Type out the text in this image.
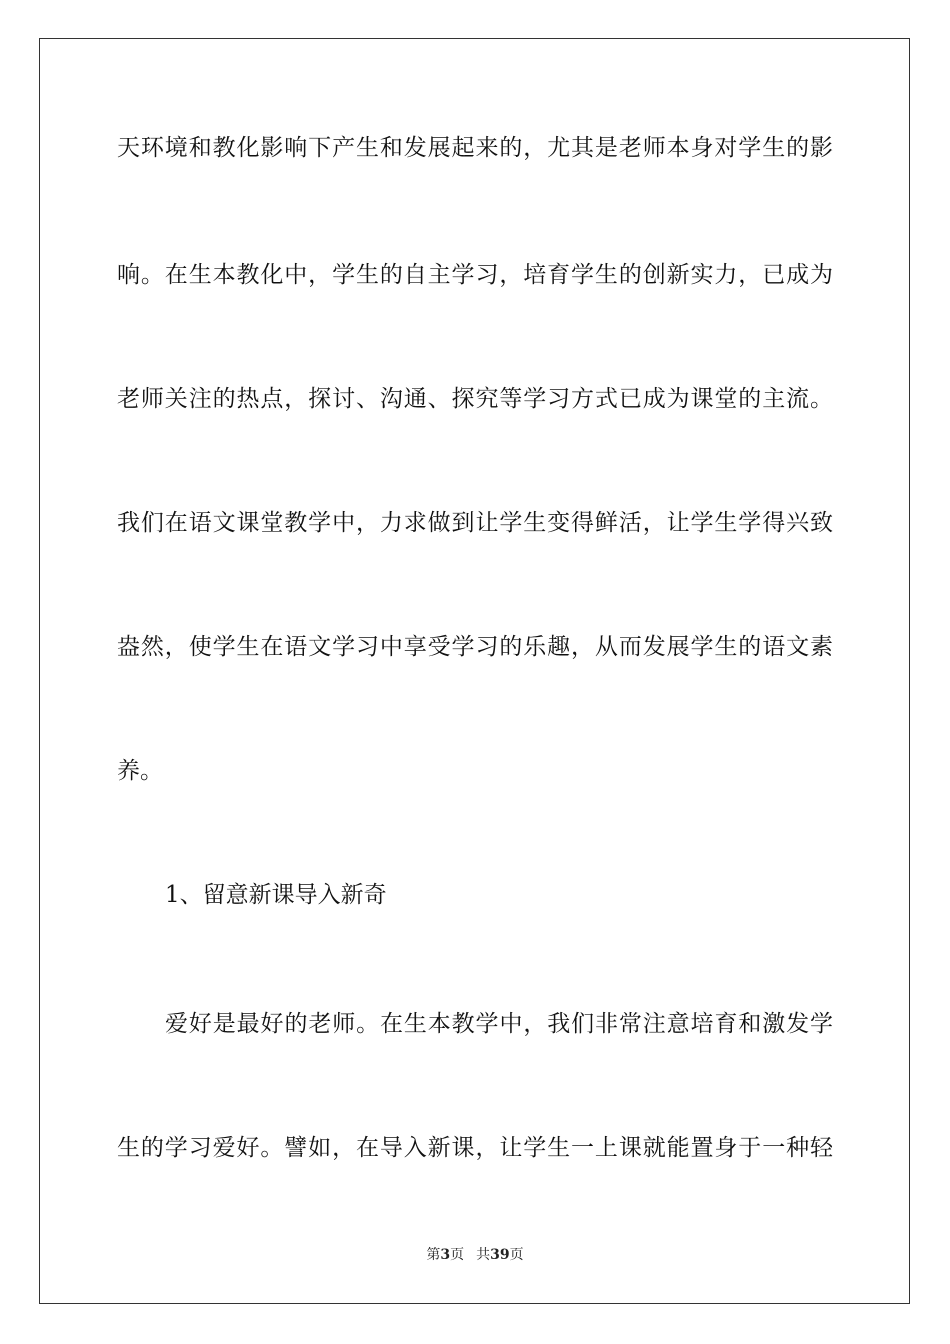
天环境和教化影响下产生和发展起来的，尤其是老师本身对学生的影
响。在生本教化中，学生的自主学习，培育学生的创新实力，已成为
老师关注的热点，探讨、沟通、探究等学习方式已成为课堂的主流。
我们在语文课堂教学中，力求做到让学生变得鲜活，让学生学得兴致
盎然，使学生在语文学习中享受学习的乐趣，从而发展学生的语文素
养。
1、留意新课导入新奇
爱好是最好的老师。在生本教学中，我们非常注意培育和激发学
生的学习爱好。譬如，在导入新课，让学生一上课就能置身于一种轻
第3页 共39页
